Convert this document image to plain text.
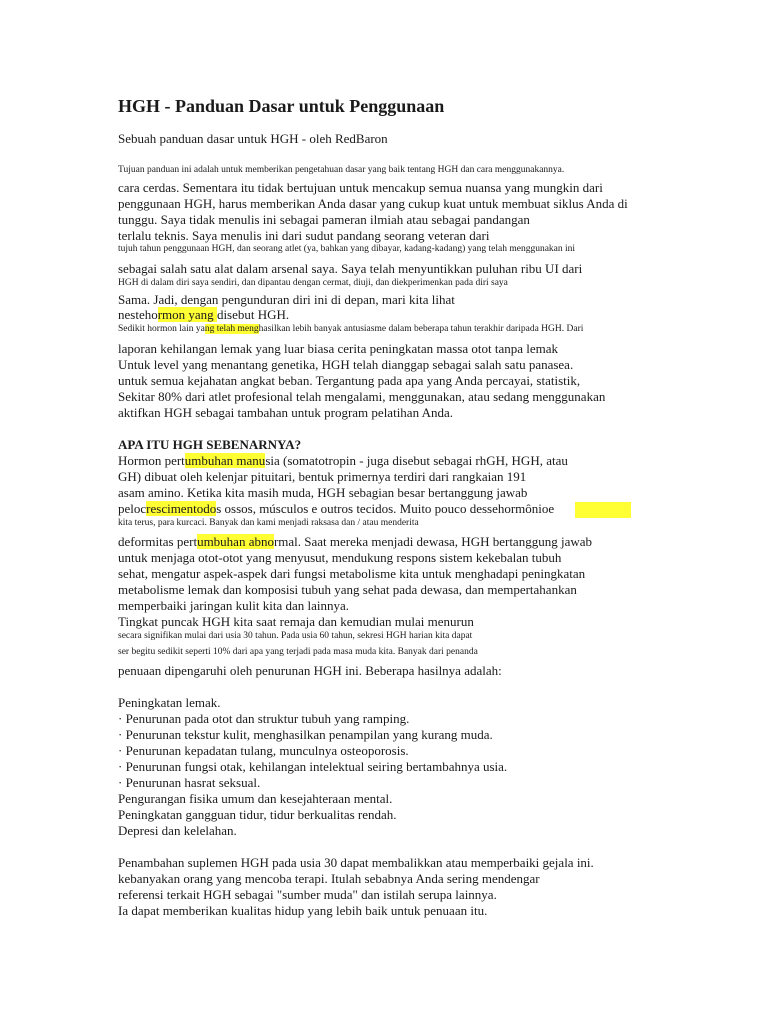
HGH - Panduan Dasar untuk Penggunaan
Sebuah panduan dasar untuk HGH - oleh RedBaron
Tujuan panduan ini adalah untuk memberikan pengetahuan dasar yang baik tentang HGH dan cara menggunakannya.
cara cerdas. Sementara itu tidak bertujuan untuk mencakup semua nuansa yang mungkin dari
penggunaan HGH, harus memberikan Anda dasar yang cukup kuat untuk membuat siklus Anda di
tunggu. Saya tidak menulis ini sebagai pameran ilmiah atau sebagai pandangan
terlalu teknis. Saya menulis ini dari sudut pandang seorang veteran dari
tujuh tahun penggunaan HGH, dan seorang atlet (ya, bahkan yang dibayar, kadang-kadang) yang telah menggunakan ini
sebagai salah satu alat dalam arsenal saya. Saya telah menyuntikkan puluhan ribu UI dari
HGH di dalam diri saya sendiri, dan dipantau dengan cermat, diuji, dan diekperimenkan pada diri saya
Sama. Jadi, dengan pengunduran diri ini di depan, mari kita lihat
nestehormon yang disebut HGH.
Sedikit hormon lain yang telah menghasilkan lebih banyak antusiasme dalam beberapa tahun terakhir daripada HGH. Dari
laporan kehilangan lemak yang luar biasa cerita peningkatan massa otot tanpa lemak
Untuk level yang menantang genetika, HGH telah dianggap sebagai salah satu panasea.
untuk semua kejahatan angkat beban. Tergantung pada apa yang Anda percayai, statistik,
Sekitar 80% dari atlet profesional telah mengalami, menggunakan, atau sedang menggunakan
aktifkan HGH sebagai tambahan untuk program pelatihan Anda.
APA ITU HGH SEBENARNYA?
Hormon pertumbuhan manusia (somatotropin - juga disebut sebagai rhGH, HGH, atau
GH) dibuat oleh kelenjar pituitari, bentuk primernya terdiri dari rangkaian 191
asam amino. Ketika kita masih muda, HGH sebagian besar bertanggung jawab
pelocrescimentodos ossos, músculos e outros tecidos. Muito pouco dessehormônioe
kita terus, para kurcaci. Banyak dan kami menjadi raksasa dan / atau menderita
deformitas pertumbuhan abnormal. Saat mereka menjadi dewasa, HGH bertanggung jawab
untuk menjaga otot-otot yang menyusut, mendukung respons sistem kekebalan tubuh
sehat, mengatur aspek-aspek dari fungsi metabolisme kita untuk menghadapi peningkatan
metabolisme lemak dan komposisi tubuh yang sehat pada dewasa, dan mempertahankan
memperbaiki jaringan kulit kita dan lainnya.
Tingkat puncak HGH kita saat remaja dan kemudian mulai menurun
secara signifikan mulai dari usia 30 tahun. Pada usia 60 tahun, sekresi HGH harian kita dapat
ser begitu sedikit seperti 10% dari apa yang terjadi pada masa muda kita. Banyak dari penanda
penuaan dipengaruhi oleh penurunan HGH ini. Beberapa hasilnya adalah:
Peningkatan lemak.
· Penurunan pada otot dan struktur tubuh yang ramping.
· Penurunan tekstur kulit, menghasilkan penampilan yang kurang muda.
· Penurunan kepadatan tulang, munculnya osteoporosis.
· Penurunan fungsi otak, kehilangan intelektual seiring bertambahnya usia.
· Penurunan hasrat seksual.
Pengurangan fisika umum dan kesejahteraan mental.
Peningkatan gangguan tidur, tidur berkualitas rendah.
Depresi dan kelelahan.
Penambahan suplemen HGH pada usia 30 dapat membalikkan atau memperbaiki gejala ini.
kebanyakan orang yang mencoba terapi. Itulah sebabnya Anda sering mendengar
referensi terkait HGH sebagai "sumber muda" dan istilah serupa lainnya.
Ia dapat memberikan kualitas hidup yang lebih baik untuk penuaan itu.
